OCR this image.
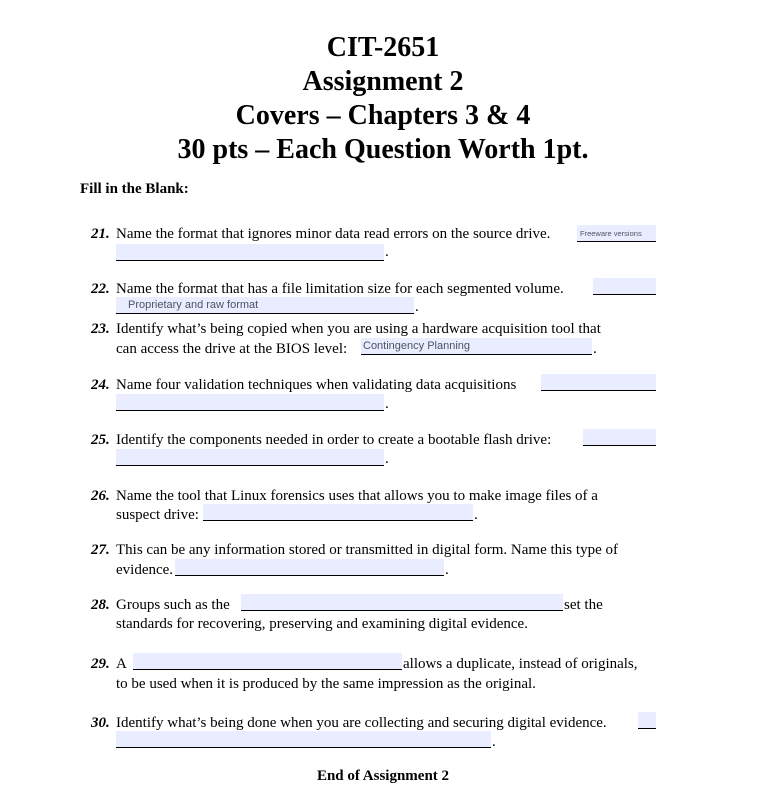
CIT-2651
Assignment 2
Covers – Chapters 3 & 4
30 pts – Each Question Worth 1pt.
Fill in the Blank:
21. Name the format that ignores minor data read errors on the source drive.	Freeware versions
.
22. Name the format that has a file limitation size for each segmented volume.
Proprietary and raw format	.
23. Identify what’s being copied when you are using a hardware acquisition tool that
can access the drive at the BIOS level: Contingency Planning	.
24. Name four validation techniques when validating data acquisitions
.
25. Identify the components needed in order to create a bootable flash drive:
.
26. Name the tool that Linux forensics uses that allows you to make image files of a
suspect drive:	.
27. This can be any information stored or transmitted in digital form. Name this type of
evidence.	.
28. Groups such as the	set the
standards for recovering, preserving and examining digital evidence.
29. A	allows a duplicate, instead of originals,
to be used when it is produced by the same impression as the original.
30. Identify what’s being done when you are collecting and securing digital evidence.
.
End of Assignment 2
